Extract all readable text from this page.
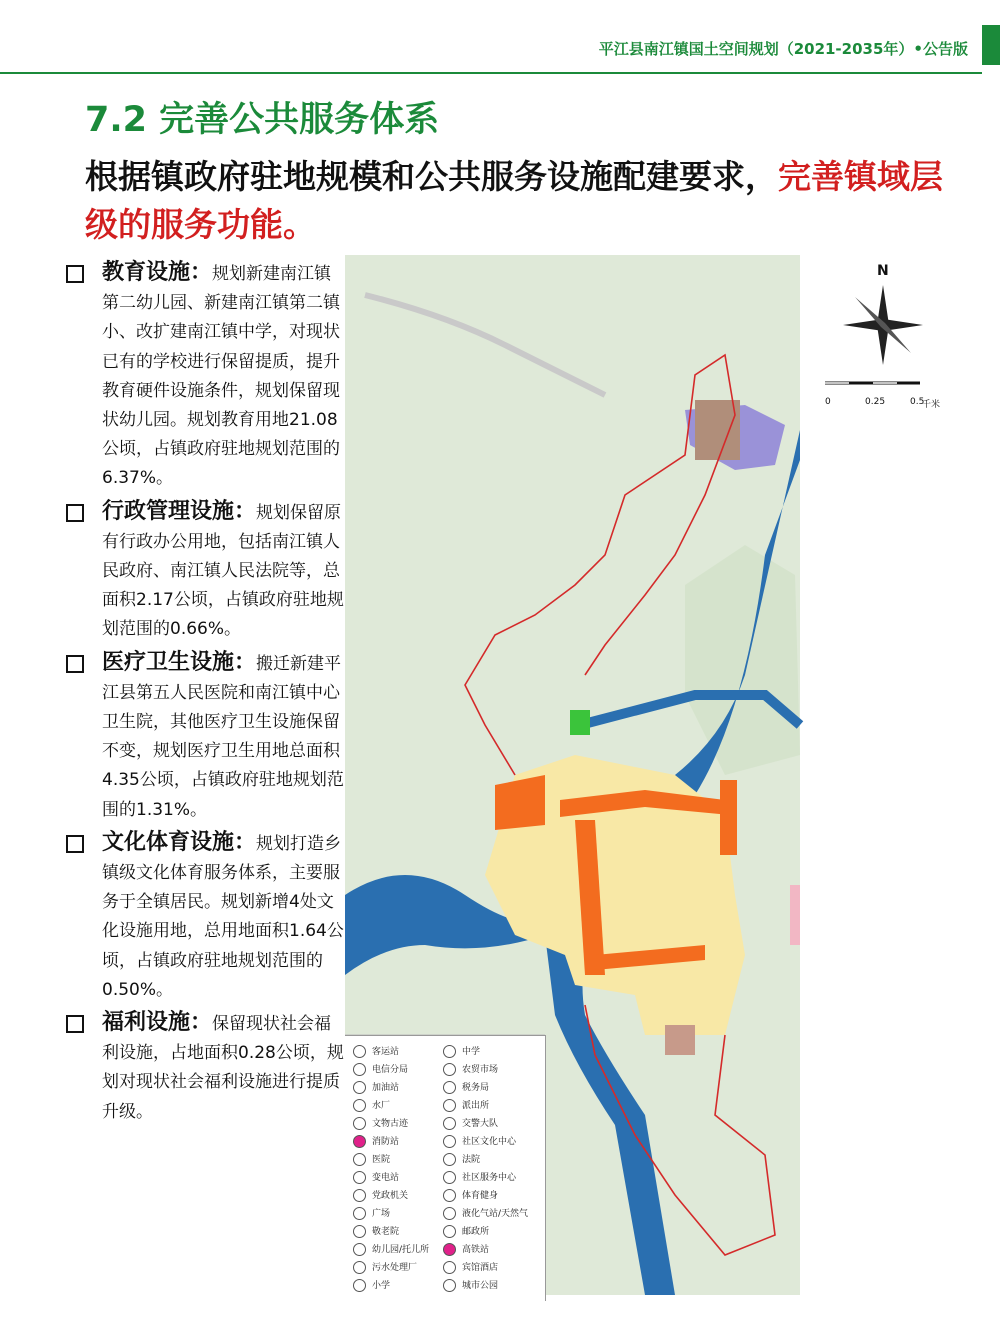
平江县南江镇国土空间规划（2021-2035年）•公告版
7.2 完善公共服务体系
根据镇政府驻地规模和公共服务设施配建要求，完善镇域层级的服务功能。
教育设施：规划新建南江镇第二幼儿园、新建南江镇第二镇小、改扩建南江镇中学，对现状已有的学校进行保留提质，提升教育硬件设施条件，规划保留现状幼儿园。规划教育用地21.08公顷，占镇政府驻地规划范围的6.37%。
行政管理设施：规划保留原有行政办公用地，包括南江镇人民政府、南江镇人民法院等，总面积2.17公顷，占镇政府驻地规划范围的0.66%。
医疗卫生设施：搬迁新建平江县第五人民医院和南江镇中心卫生院，其他医疗卫生设施保留不变，规划医疗卫生用地总面积4.35公顷，占镇政府驻地规划范围的1.31%。
文化体育设施：规划打造乡镇级文化体育服务体系，主要服务于全镇居民。规划新增4处文化设施用地，总用地面积1.64公顷，占镇政府驻地规划范围的0.50%。
福利设施：保留现状社会福利设施，占地面积0.28公顷，规划对现状社会福利设施进行提质升级。
N
0	0.25	0.5
千米
客运站
电信分局
加油站
水厂
文物古迹
消防站
医院
变电站
党政机关
广场
敬老院
幼儿园/托儿所
污水处理厂
小学
中学
农贸市场
税务局
派出所
交警大队
社区文化中心
法院
社区服务中心
体育健身
液化气站/天然气
邮政所
高铁站
宾馆酒店
城市公园
